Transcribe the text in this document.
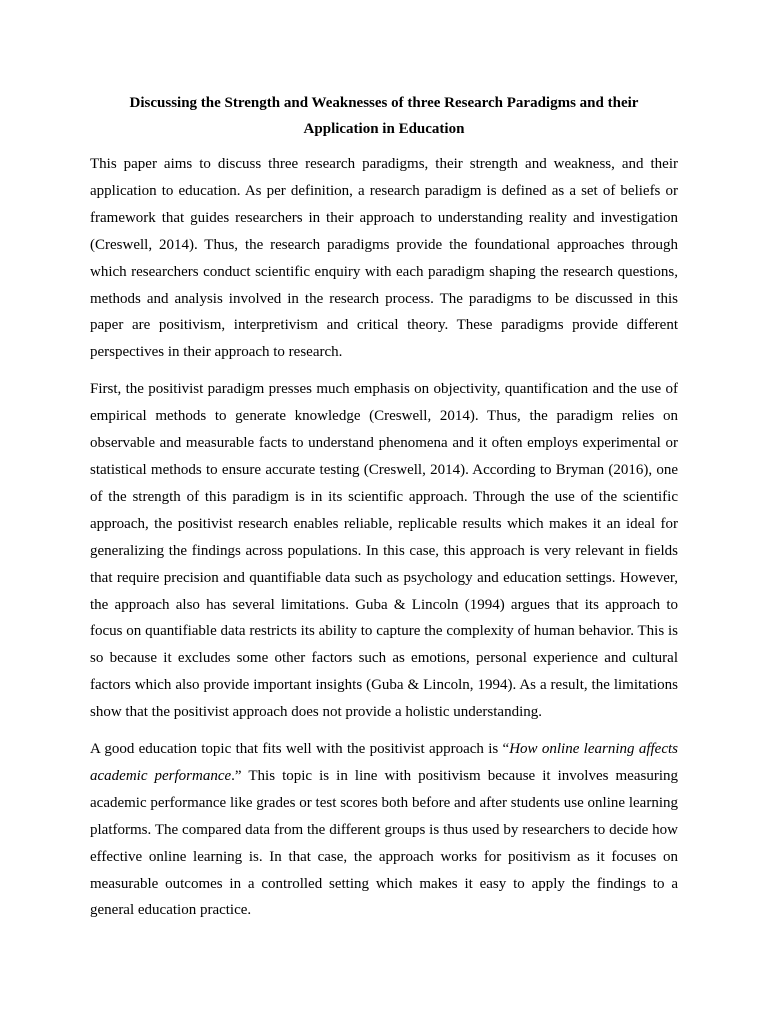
Discussing the Strength and Weaknesses of three Research Paradigms and their
Application in Education

This paper aims to discuss three research paradigms, their strength and weakness, and their application to education. As per definition, a research paradigm is defined as a set of beliefs or framework that guides researchers in their approach to understanding reality and investigation (Creswell, 2014). Thus, the research paradigms provide the foundational approaches through which researchers conduct scientific enquiry with each paradigm shaping the research questions, methods and analysis involved in the research process. The paradigms to be discussed in this paper are positivism, interpretivism and critical theory. These paradigms provide different perspectives in their approach to research.

First, the positivist paradigm presses much emphasis on objectivity, quantification and the use of empirical methods to generate knowledge (Creswell, 2014). Thus, the paradigm relies on observable and measurable facts to understand phenomena and it often employs experimental or statistical methods to ensure accurate testing (Creswell, 2014). According to Bryman (2016), one of the strength of this paradigm is in its scientific approach. Through the use of the scientific approach, the positivist research enables reliable, replicable results which makes it an ideal for generalizing the findings across populations. In this case, this approach is very relevant in fields that require precision and quantifiable data such as psychology and education settings. However, the approach also has several limitations. Guba & Lincoln (1994) argues that its approach to focus on quantifiable data restricts its ability to capture the complexity of human behavior. This is so because it excludes some other factors such as emotions, personal experience and cultural factors which also provide important insights (Guba & Lincoln, 1994). As a result, the limitations show that the positivist approach does not provide a holistic understanding.

A good education topic that fits well with the positivist approach is “How online learning affects academic performance.” This topic is in line with positivism because it involves measuring academic performance like grades or test scores both before and after students use online learning platforms. The compared data from the different groups is thus used by researchers to decide how effective online learning is. In that case, the approach works for positivism as it focuses on measurable outcomes in a controlled setting which makes it easy to apply the findings to a general education practice.
